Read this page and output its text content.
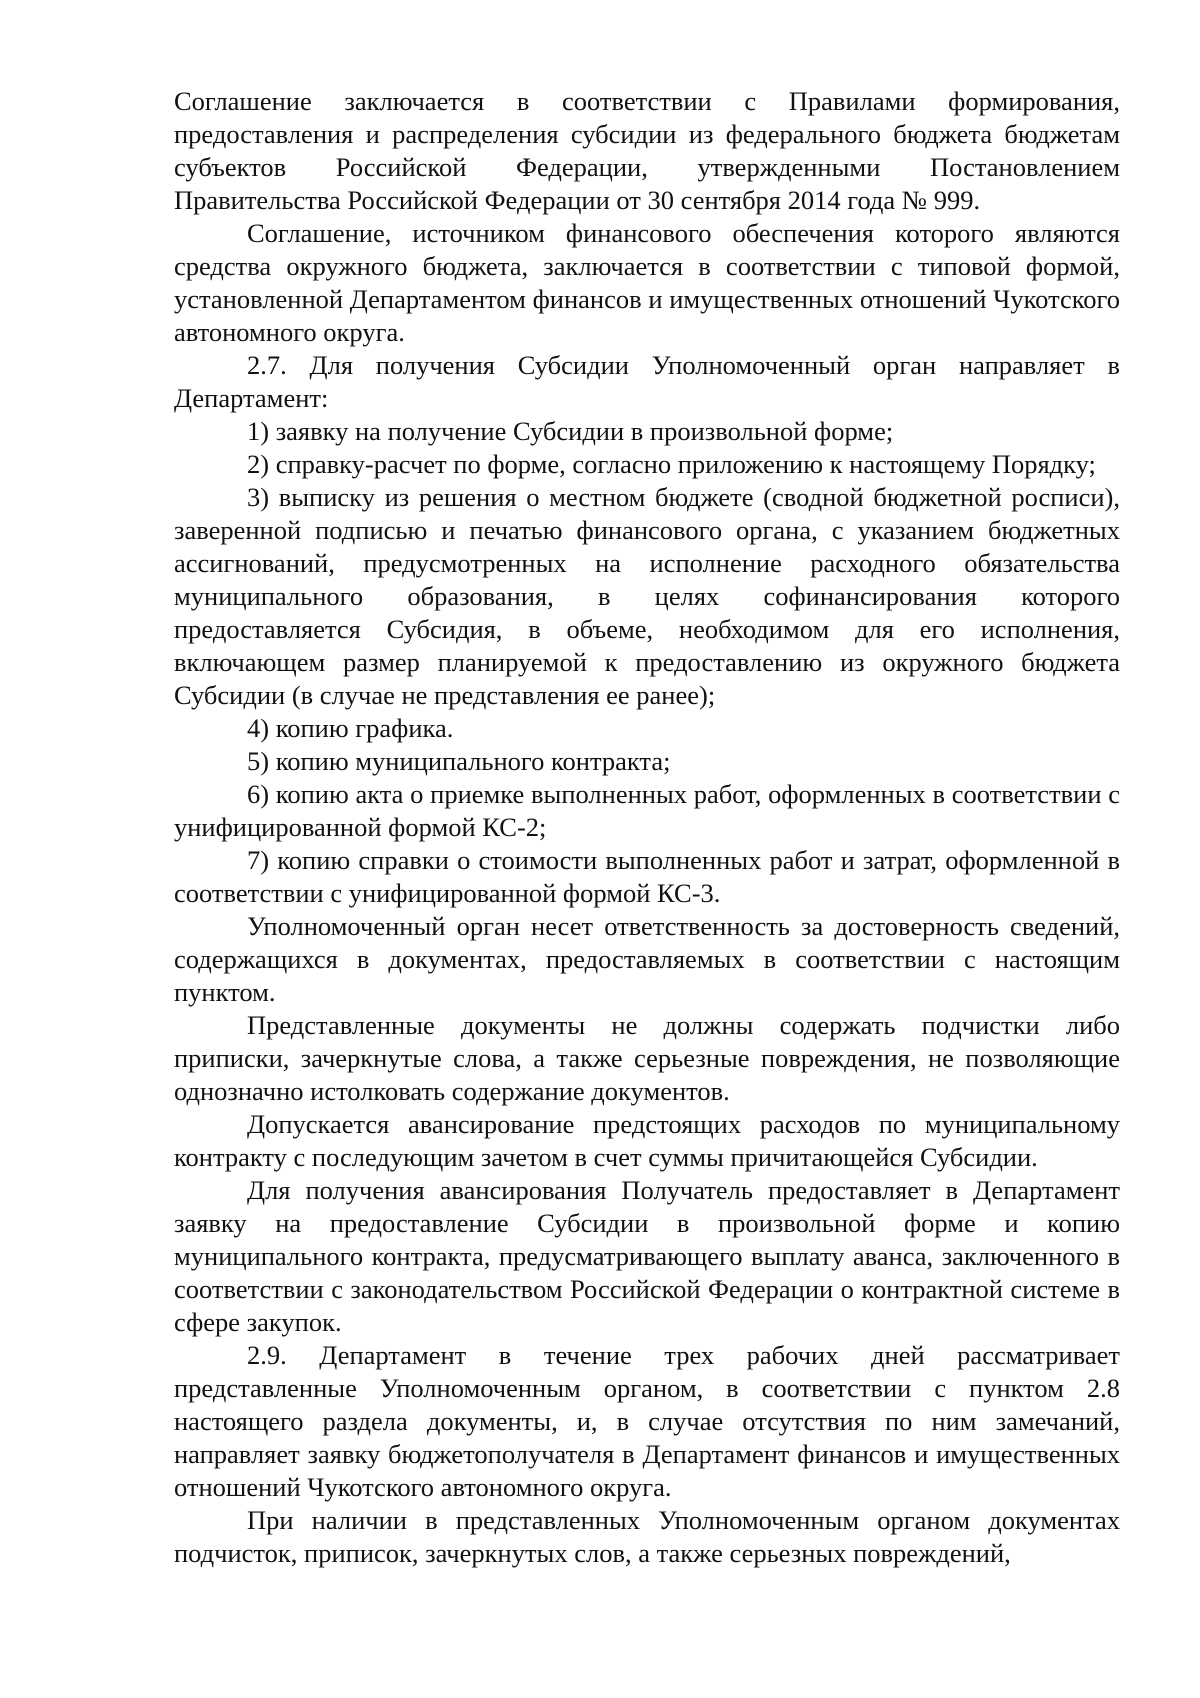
Соглашение заключается в соответствии с Правилами формирования, предоставления и распределения субсидии из федерального бюджета бюджетам субъектов Российской Федерации, утвержденными Постановлением Правительства Российской Федерации от 30 сентября 2014 года № 999.

Соглашение, источником финансового обеспечения которого являются средства окружного бюджета, заключается в соответствии с типовой формой, установленной Департаментом финансов и имущественных отношений Чукотского автономного округа.

2.7. Для получения Субсидии Уполномоченный орган направляет в Департамент:

1) заявку на получение Субсидии в произвольной форме;

2) справку-расчет по форме, согласно приложению к настоящему Порядку;

3) выписку из решения о местном бюджете (сводной бюджетной росписи), заверенной подписью и печатью финансового органа, с указанием бюджетных ассигнований, предусмотренных на исполнение расходного обязательства муниципального образования, в целях софинансирования которого предоставляется Субсидия, в объеме, необходимом для его исполнения, включающем размер планируемой к предоставлению из окружного бюджета Субсидии (в случае не представления ее ранее);

4) копию графика.

5) копию муниципального контракта;

6) копию акта о приемке выполненных работ, оформленных в соответствии с унифицированной формой КС-2;

7) копию справки о стоимости выполненных работ и затрат, оформленной в соответствии с унифицированной формой КС-3.

Уполномоченный орган несет ответственность за достоверность сведений, содержащихся в документах, предоставляемых в соответствии с настоящим пунктом.

Представленные документы не должны содержать подчистки либо приписки, зачеркнутые слова, а также серьезные повреждения, не позволяющие однозначно истолковать содержание документов.

Допускается авансирование предстоящих расходов по муниципальному контракту с последующим зачетом в счет суммы причитающейся Субсидии.

Для получения авансирования Получатель предоставляет в Департамент заявку на предоставление Субсидии в произвольной форме и копию муниципального контракта, предусматривающего выплату аванса, заключенного в соответствии с законодательством Российской Федерации о контрактной системе в сфере закупок.

2.9. Департамент в течение трех рабочих дней рассматривает представленные Уполномоченным органом, в соответствии с пунктом 2.8 настоящего раздела документы, и, в случае отсутствия по ним замечаний, направляет заявку бюджетополучателя в Департамент финансов и имущественных отношений Чукотского автономного округа.

При наличии в представленных Уполномоченным органом документах подчисток, приписок, зачеркнутых слов, а также серьезных повреждений,
